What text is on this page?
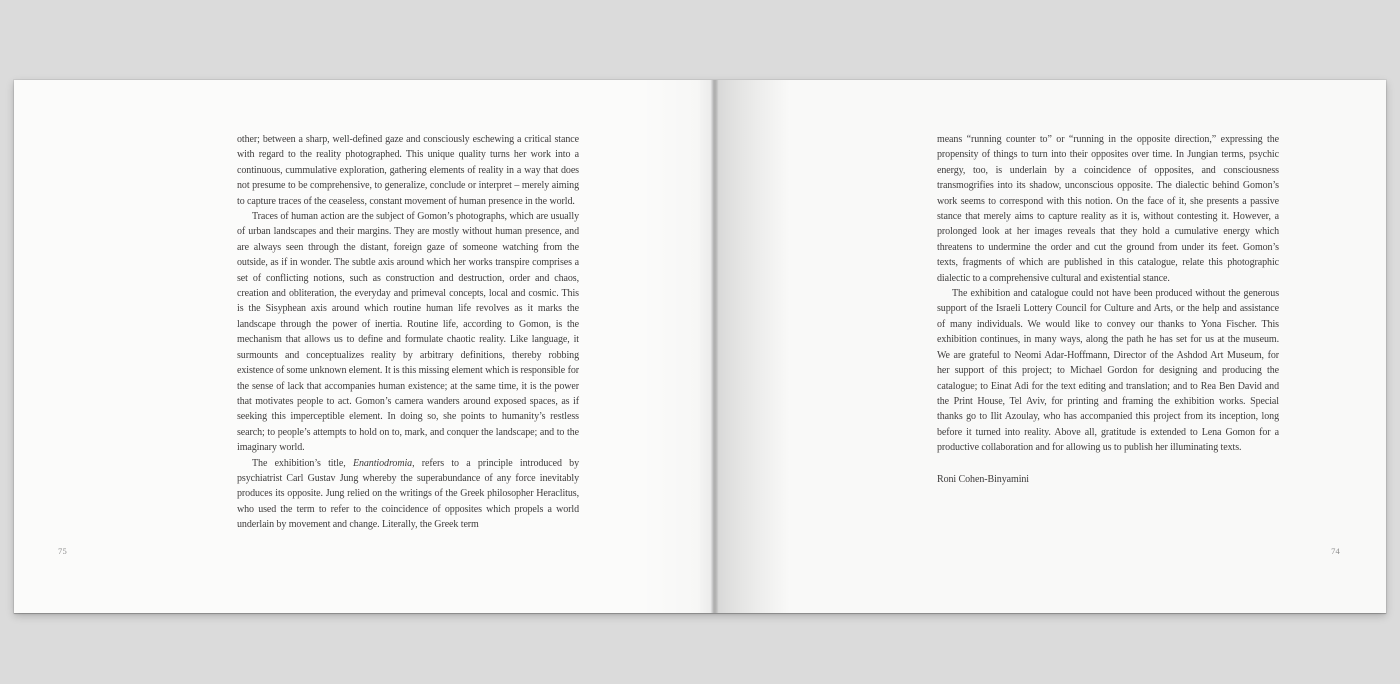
other; between a sharp, well-defined gaze and consciously eschewing a critical stance with regard to the reality photographed. This unique quality turns her work into a continuous, cummulative exploration, gathering elements of reality in a way that does not presume to be comprehensive, to generalize, conclude or interpret – merely aiming to capture traces of the ceaseless, constant movement of human presence in the world.

Traces of human action are the subject of Gomon’s photographs, which are usually of urban landscapes and their margins. They are mostly without human presence, and are always seen through the distant, foreign gaze of someone watching from the outside, as if in wonder. The subtle axis around which her works transpire comprises a set of conflicting notions, such as construction and destruction, order and chaos, creation and obliteration, the everyday and primeval concepts, local and cosmic. This is the Sisyphean axis around which routine human life revolves as it marks the landscape through the power of inertia. Routine life, according to Gomon, is the mechanism that allows us to define and formulate chaotic reality. Like language, it surmounts and conceptualizes reality by arbitrary definitions, thereby robbing existence of some unknown element. It is this missing element which is responsible for the sense of lack that accompanies human existence; at the same time, it is the power that motivates people to act. Gomon’s camera wanders around exposed spaces, as if seeking this imperceptible element. In doing so, she points to humanity’s restless search; to people’s attempts to hold on to, mark, and conquer the landscape; and to the imaginary world.

The exhibition’s title, Enantiodromia, refers to a principle introduced by psychiatrist Carl Gustav Jung whereby the superabundance of any force inevitably produces its opposite. Jung relied on the writings of the Greek philosopher Heraclitus, who used the term to refer to the coincidence of opposites which propels a world underlain by movement and change. Literally, the Greek term

75

means “running counter to” or “running in the opposite direction,” expressing the propensity of things to turn into their opposites over time. In Jungian terms, psychic energy, too, is underlain by a coincidence of opposites, and consciousness transmogrifies into its shadow, unconscious opposite. The dialectic behind Gomon’s work seems to correspond with this notion. On the face of it, she presents a passive stance that merely aims to capture reality as it is, without contesting it. However, a prolonged look at her images reveals that they hold a cumulative energy which threatens to undermine the order and cut the ground from under its feet. Gomon’s texts, fragments of which are published in this catalogue, relate this photographic dialectic to a comprehensive cultural and existential stance.

The exhibition and catalogue could not have been produced without the generous support of the Israeli Lottery Council for Culture and Arts, or the help and assistance of many individuals. We would like to convey our thanks to Yona Fischer. This exhibition continues, in many ways, along the path he has set for us at the museum. We are grateful to Neomi Adar-Hoffmann, Director of the Ashdod Art Museum, for her support of this project; to Michael Gordon for designing and producing the catalogue; to Einat Adi for the text editing and translation; and to Rea Ben David and the Print House, Tel Aviv, for printing and framing the exhibition works. Special thanks go to Ilit Azoulay, who has accompanied this project from its inception, long before it turned into reality. Above all, gratitude is extended to Lena Gomon for a productive collaboration and for allowing us to publish her illuminating texts.

Roni Cohen-Binyamini

74
